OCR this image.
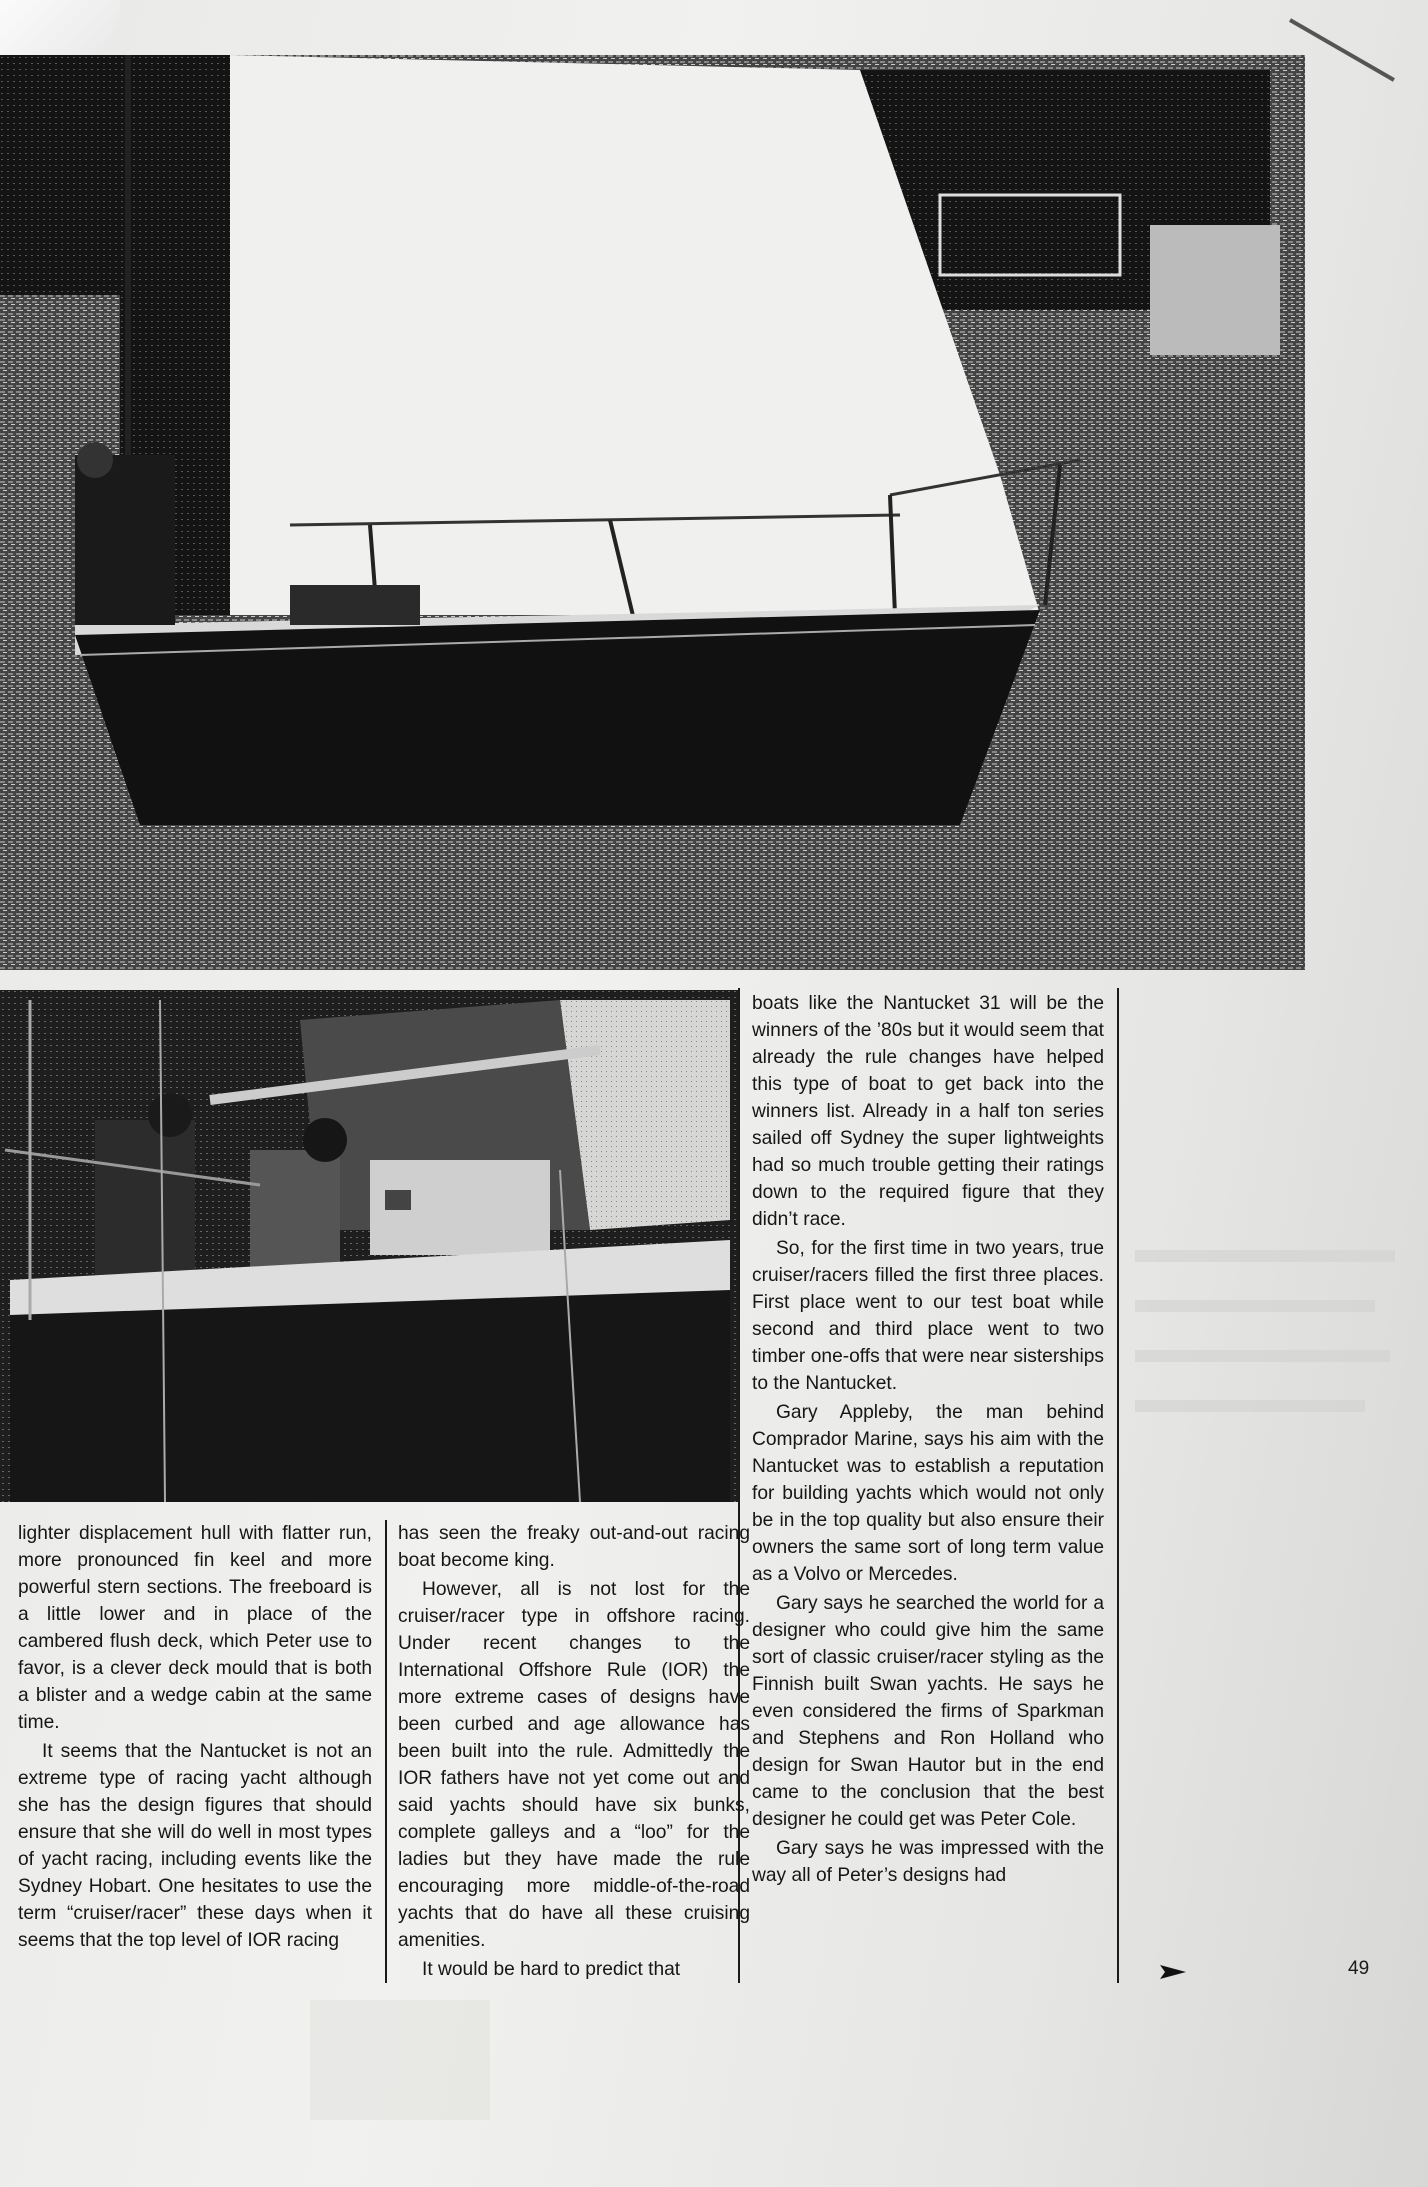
boats like the Nantucket 31 will be the winners of the ’80s but it would seem that already the rule changes have helped this type of boat to get back into the winners list. Already in a half ton series sailed off Sydney the super lightweights had so much trouble getting their ratings down to the required figure that they didn’t race.

So, for the first time in two years, true cruiser/racers filled the first three places. First place went to our test boat while second and third place went to two timber one-offs that were near sisterships to the Nantucket.

Gary Appleby, the man behind Comprador Marine, says his aim with the Nantucket was to establish a reputation for building yachts which would not only be in the top quality but also ensure their owners the same sort of long term value as a Volvo or Mercedes.

Gary says he searched the world for a designer who could give him the same sort of classic cruiser/racer styling as the Finnish built Swan yachts. He says he even considered the firms of Sparkman and Stephens and Ron Holland who design for Swan Hautor but in the end came to the conclusion that the best designer he could get was Peter Cole.

Gary says he was impressed with the way all of Peter’s designs had

lighter displacement hull with flatter run, more pronounced fin keel and more powerful stern sections. The freeboard is a little lower and in place of the cambered flush deck, which Peter use to favor, is a clever deck mould that is both a blister and a wedge cabin at the same time.

It seems that the Nantucket is not an extreme type of racing yacht although she has the design figures that should ensure that she will do well in most types of yacht racing, including events like the Sydney Hobart. One hesitates to use the term “cruiser/racer” these days when it seems that the top level of IOR racing

has seen the freaky out-and-out racing boat become king.

However, all is not lost for the cruiser/racer type in offshore racing. Under recent changes to the International Offshore Rule (IOR) the more extreme cases of designs have been curbed and age allowance has been built into the rule. Admittedly the IOR fathers have not yet come out and said yachts should have six bunks, complete galleys and a “loo” for the ladies but they have made the rule encouraging more middle-of-the-road yachts that do have all these cruising amenities.

It would be hard to predict that	49
